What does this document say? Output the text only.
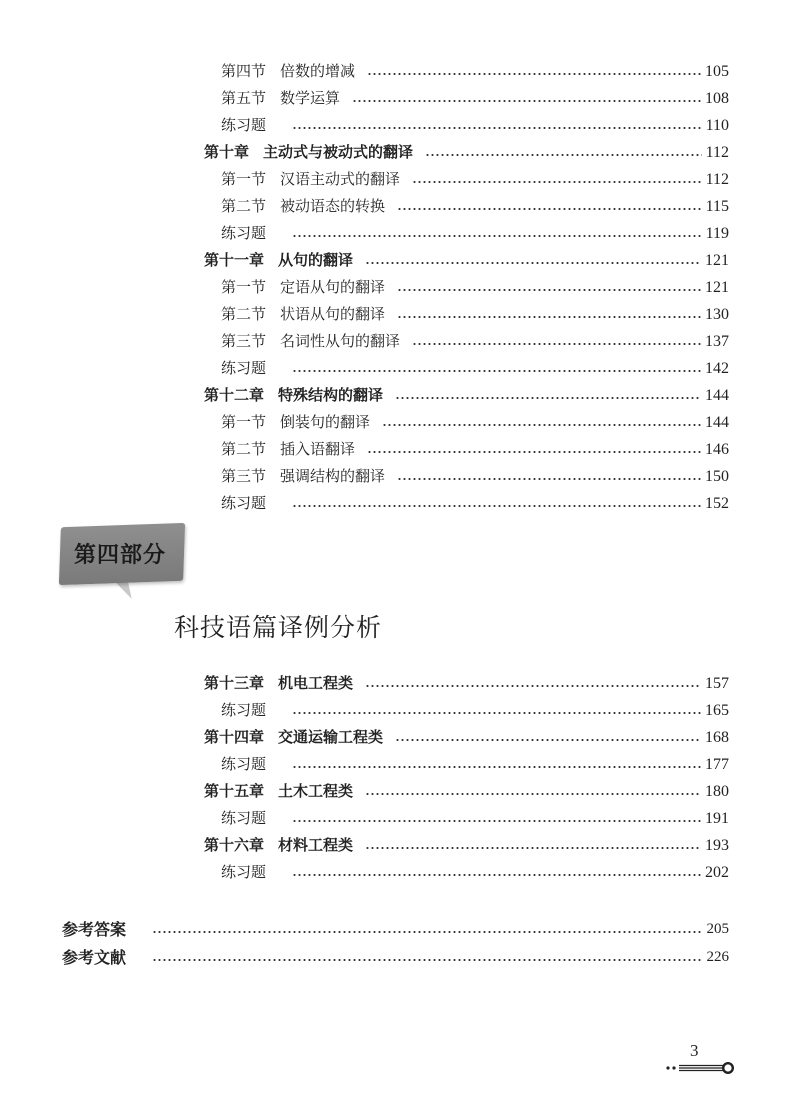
第四节 倍数的增减	105
第五节 数学运算	108
练习题	110
第十章 主动式与被动式的翻译	112
第一节 汉语主动式的翻译	112
第二节 被动语态的转换	115
练习题	119
第十一章 从句的翻译	121
第一节 定语从句的翻译	121
第二节 状语从句的翻译	130
第三节 名词性从句的翻译	137
练习题	142
第十二章 特殊结构的翻译	144
第一节 倒装句的翻译	144
第二节 插入语翻译	146
第三节 强调结构的翻译	150
练习题	152
第四部分
科技语篇译例分析
第十三章 机电工程类	157
练习题	165
第十四章 交通运输工程类	168
练习题	177
第十五章 土木工程类	180
练习题	191
第十六章 材料工程类	193
练习题	202
参考答案	205
参考文献	226
3
